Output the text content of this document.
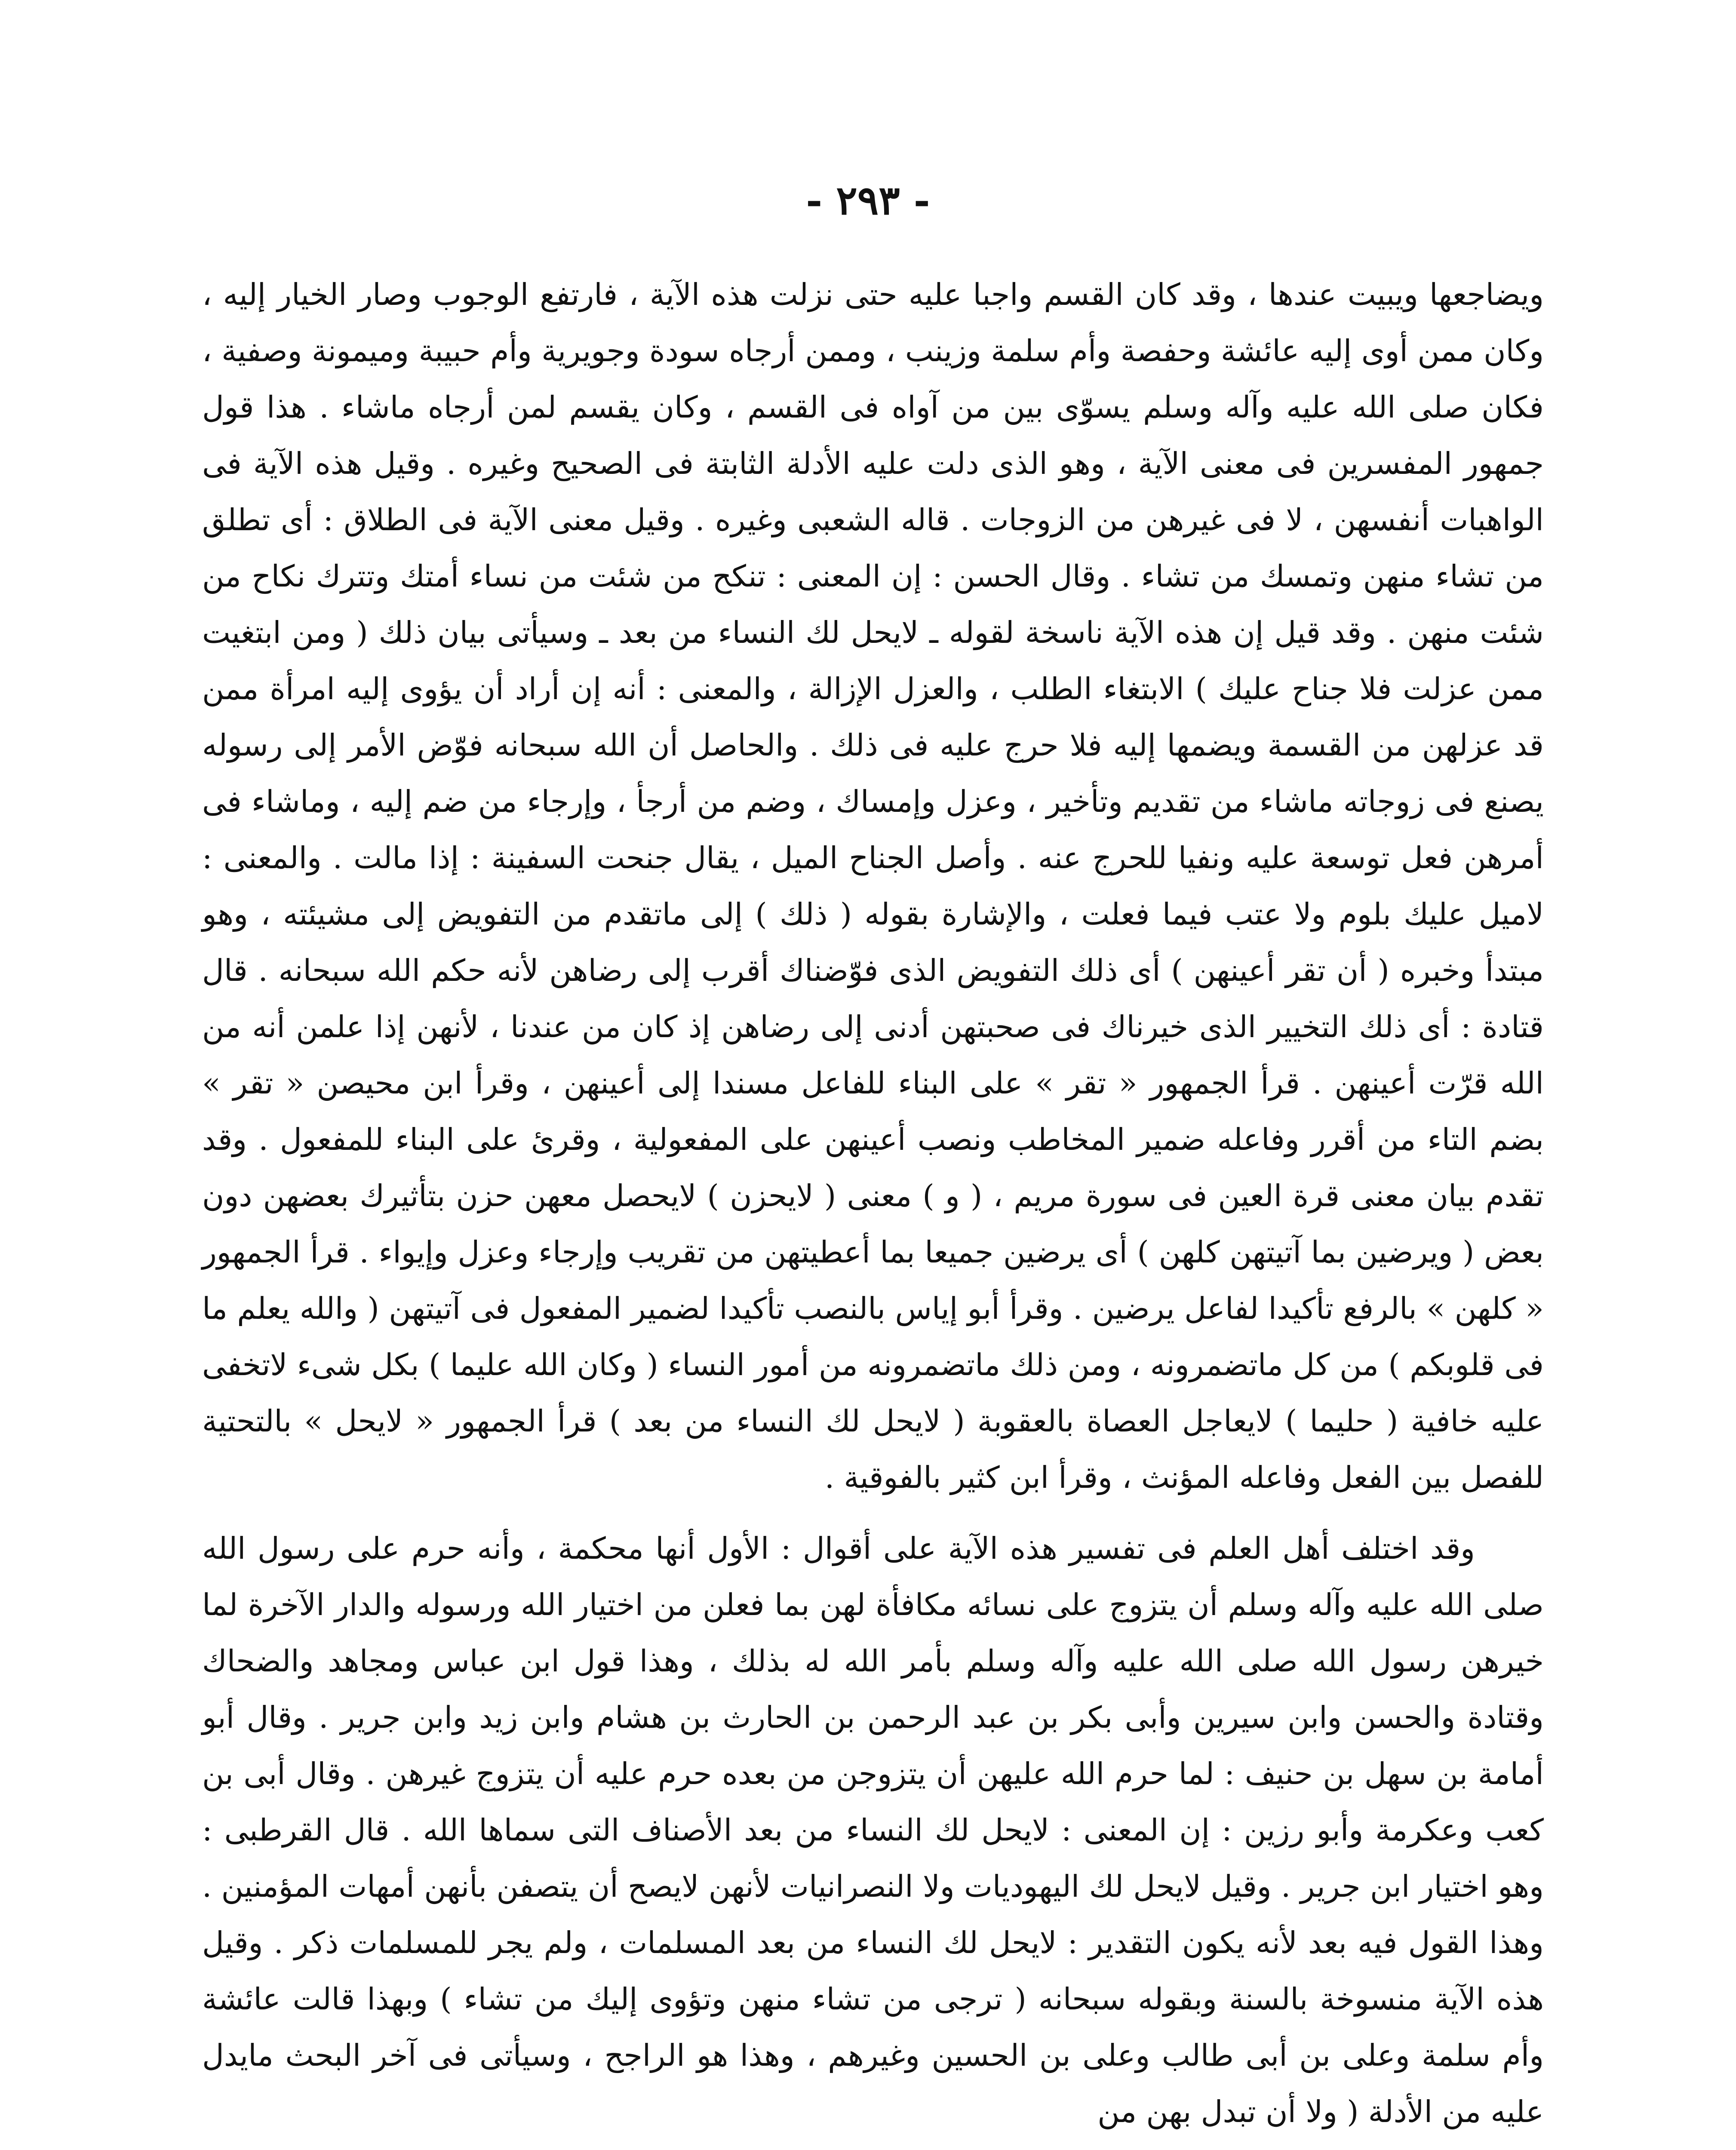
- ٢٩٣ -

ويضاجعها ويبيت عندها ، وقد كان القسم واجبا عليه حتى نزلت هذه الآية ، فارتفع الوجوب وصار الخيار إليه ، وكان ممن أوى إليه عائشة وحفصة وأم سلمة وزينب ، وممن أرجاه سودة وجويرية وأم حبيبة وميمونة وصفية ، فكان صلى الله عليه وآله وسلم يسوّى بين من آواه فى القسم ، وكان يقسم لمن أرجاه ماشاء . هذا قول جمهور المفسرين فى معنى الآية ، وهو الذى دلت عليه الأدلة الثابتة فى الصحيح وغيره . وقيل هذه الآية فى الواهبات أنفسهن ، لا فى غيرهن من الزوجات . قاله الشعبى وغيره . وقيل معنى الآية فى الطلاق : أى تطلق من تشاء منهن وتمسك من تشاء . وقال الحسن : إن المعنى : تنكح من شئت من نساء أمتك وتترك نكاح من شئت منهن . وقد قيل إن هذه الآية ناسخة لقوله ـ لايحل لك النساء من بعد ـ وسيأتى بيان ذلك ( ومن ابتغيت ممن عزلت فلا جناح عليك ) الابتغاء الطلب ، والعزل الإزالة ، والمعنى : أنه إن أراد أن يؤوى إليه امرأة ممن قد عزلهن من القسمة ويضمها إليه فلا حرج عليه فى ذلك . والحاصل أن الله سبحانه فوّض الأمر إلى رسوله يصنع فى زوجاته ماشاء من تقديم وتأخير ، وعزل وإمساك ، وضم من أرجأ ، وإرجاء من ضم إليه ، وماشاء فى أمرهن فعل توسعة عليه ونفيا للحرج عنه . وأصل الجناح الميل ، يقال جنحت السفينة : إذا مالت . والمعنى : لاميل عليك بلوم ولا عتب فيما فعلت ، والإشارة بقوله ( ذلك ) إلى ماتقدم من التفويض إلى مشيئته ، وهو مبتدأ وخبره ( أن تقر أعينهن ) أى ذلك التفويض الذى فوّضناك أقرب إلى رضاهن لأنه حكم الله سبحانه . قال قتادة : أى ذلك التخيير الذى خيرناك فى صحبتهن أدنى إلى رضاهن إذ كان من عندنا ، لأنهن إذا علمن أنه من الله قرّت أعينهن . قرأ الجمهور « تقر » على البناء للفاعل مسندا إلى أعينهن ، وقرأ ابن محيصن « تقر » بضم التاء من أقرر وفاعله ضمير المخاطب ونصب أعينهن على المفعولية ، وقرئ على البناء للمفعول . وقد تقدم بيان معنى قرة العين فى سورة مريم ، ( و ) معنى ( لايحزن ) لايحصل معهن حزن بتأثيرك بعضهن دون بعض ( ويرضين بما آتيتهن كلهن ) أى يرضين جميعا بما أعطيتهن من تقريب وإرجاء وعزل وإيواء . قرأ الجمهور « كلهن » بالرفع تأكيدا لفاعل يرضين . وقرأ أبو إياس بالنصب تأكيدا لضمير المفعول فى آتيتهن ( والله يعلم ما فى قلوبكم ) من كل ماتضمرونه ، ومن ذلك ماتضمرونه من أمور النساء ( وكان الله عليما ) بكل شىء لاتخفى عليه خافية ( حليما ) لايعاجل العصاة بالعقوبة ( لايحل لك النساء من بعد ) قرأ الجمهور « لايحل » بالتحتية للفصل بين الفعل وفاعله المؤنث ، وقرأ ابن كثير بالفوقية .

وقد اختلف أهل العلم فى تفسير هذه الآية على أقوال : الأول أنها محكمة ، وأنه حرم على رسول الله صلى الله عليه وآله وسلم أن يتزوج على نسائه مكافأة لهن بما فعلن من اختيار الله ورسوله والدار الآخرة لما خيرهن رسول الله صلى الله عليه وآله وسلم بأمر الله له بذلك ، وهذا قول ابن عباس ومجاهد والضحاك وقتادة والحسن وابن سيرين وأبى بكر بن عبد الرحمن بن الحارث بن هشام وابن زيد وابن جرير . وقال أبو أمامة بن سهل بن حنيف : لما حرم الله عليهن أن يتزوجن من بعده حرم عليه أن يتزوج غيرهن . وقال أبى بن كعب وعكرمة وأبو رزين : إن المعنى : لايحل لك النساء من بعد الأصناف التى سماها الله . قال القرطبى : وهو اختيار ابن جرير . وقيل لايحل لك اليهوديات ولا النصرانيات لأنهن لايصح أن يتصفن بأنهن أمهات المؤمنين . وهذا القول فيه بعد لأنه يكون التقدير : لايحل لك النساء من بعد المسلمات ، ولم يجر للمسلمات ذكر . وقيل هذه الآية منسوخة بالسنة وبقوله سبحانه ( ترجى من تشاء منهن وتؤوى إليك من تشاء ) وبهذا قالت عائشة وأم سلمة وعلى بن أبى طالب وعلى بن الحسين وغيرهم ، وهذا هو الراجح ، وسيأتى فى آخر البحث مايدل عليه من الأدلة ( ولا أن تبدل بهن من
